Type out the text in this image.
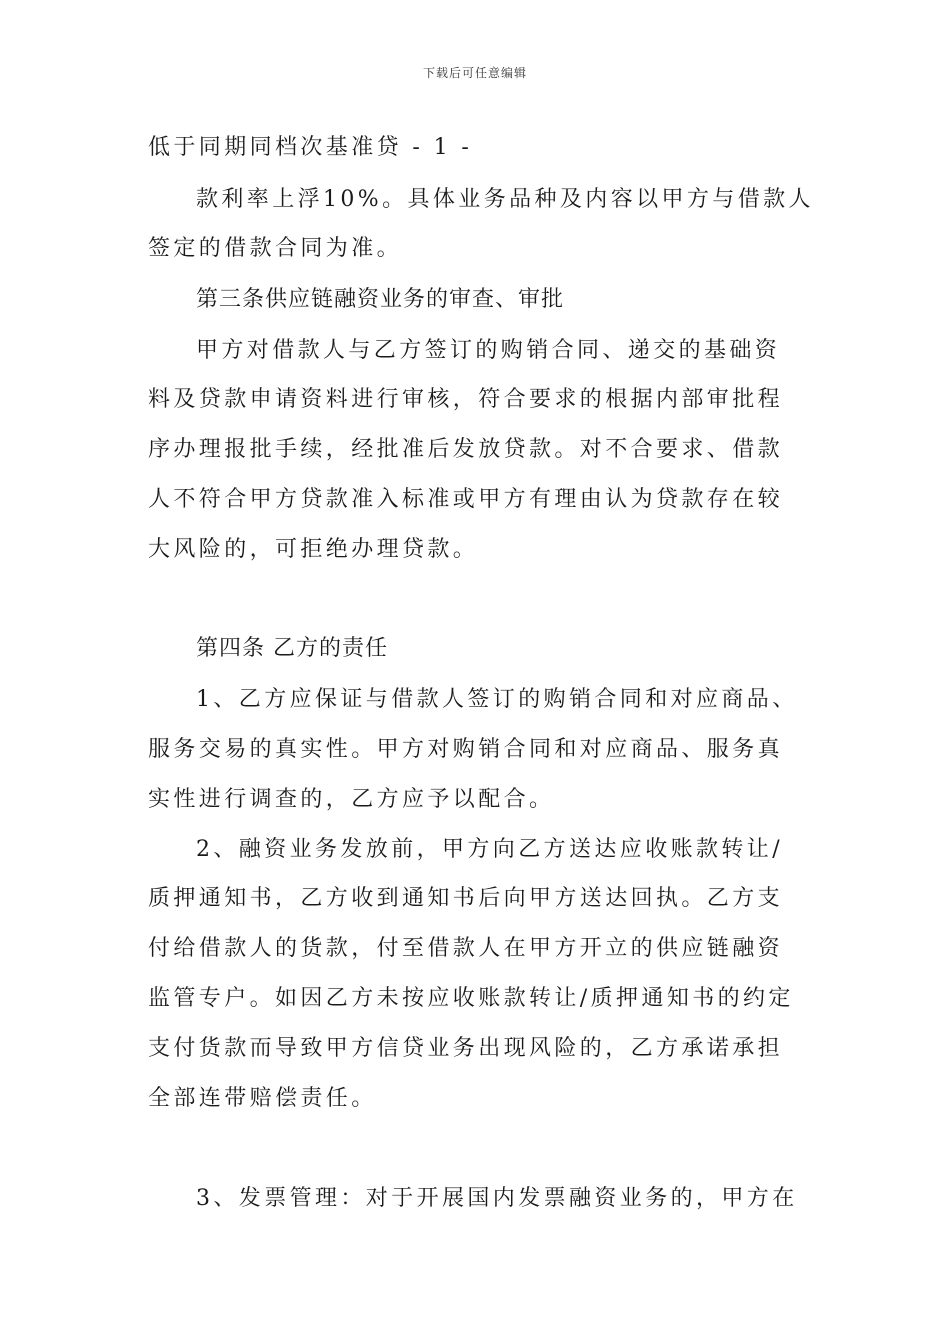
下载后可任意编辑
低于同期同档次基准贷 - 1 -
款利率上浮10%。具体业务品种及内容以甲方与借款人
签定的借款合同为准。
第三条供应链融资业务的审查、审批
甲方对借款人与乙方签订的购销合同、递交的基础资
料及贷款申请资料进行审核，符合要求的根据内部审批程
序办理报批手续，经批准后发放贷款。对不合要求、借款
人不符合甲方贷款准入标准或甲方有理由认为贷款存在较
大风险的，可拒绝办理贷款。
第四条 乙方的责任
1、乙方应保证与借款人签订的购销合同和对应商品、
服务交易的真实性。甲方对购销合同和对应商品、服务真
实性进行调查的，乙方应予以配合。
2、融资业务发放前，甲方向乙方送达应收账款转让/
质押通知书，乙方收到通知书后向甲方送达回执。乙方支
付给借款人的货款，付至借款人在甲方开立的供应链融资
监管专户。如因乙方未按应收账款转让/质押通知书的约定
支付货款而导致甲方信贷业务出现风险的，乙方承诺承担
全部连带赔偿责任。
3、发票管理：对于开展国内发票融资业务的，甲方在
